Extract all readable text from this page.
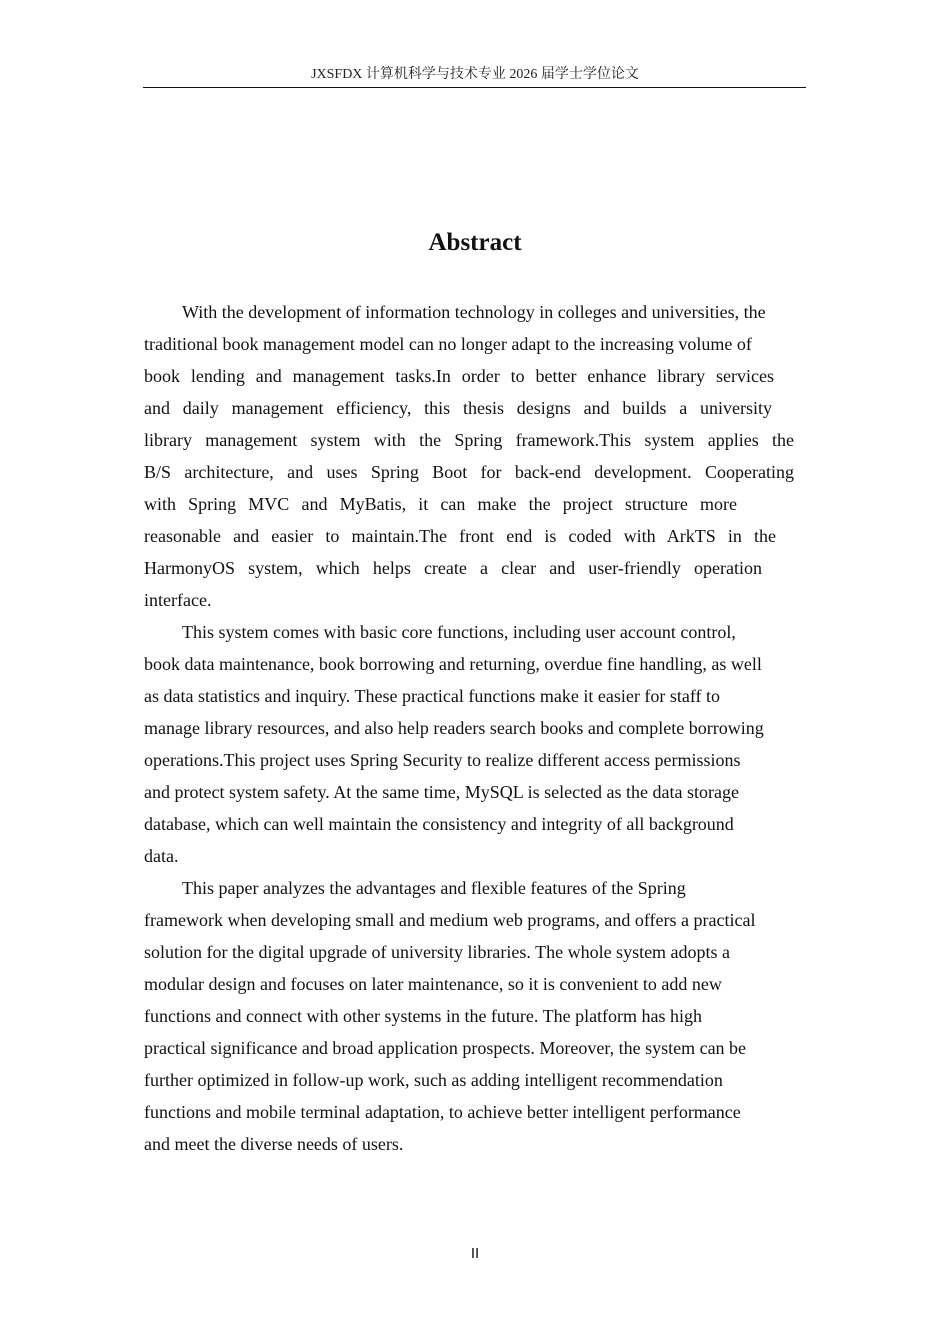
JXSFDX 计算机科学与技术专业 2026 届学士学位论文
Abstract
With the development of information technology in colleges and universities, the
traditional book management model can no longer adapt to the increasing volume of
book lending and management tasks.In order to better enhance library services
and daily management efficiency, this thesis designs and builds a university
library management system with the Spring framework.This system applies the
B/S architecture, and uses Spring Boot for back-end development. Cooperating
with Spring MVC and MyBatis, it can make the project structure more
reasonable and easier to maintain.The front end is coded with ArkTS in the
HarmonyOS system, which helps create a clear and user-friendly operation
interface.
This system comes with basic core functions, including user account control,
book data maintenance, book borrowing and returning, overdue fine handling, as well
as data statistics and inquiry. These practical functions make it easier for staff to
manage library resources, and also help readers search books and complete borrowing
operations.This project uses Spring Security to realize different access permissions
and protect system safety. At the same time, MySQL is selected as the data storage
database, which can well maintain the consistency and integrity of all background
data.
This paper analyzes the advantages and flexible features of the Spring
framework when developing small and medium web programs, and offers a practical
solution for the digital upgrade of university libraries. The whole system adopts a
modular design and focuses on later maintenance, so it is convenient to add new
functions and connect with other systems in the future. The platform has high
practical significance and broad application prospects. Moreover, the system can be
further optimized in follow-up work, such as adding intelligent recommendation
functions and mobile terminal adaptation, to achieve better intelligent performance
and meet the diverse needs of users.
II
